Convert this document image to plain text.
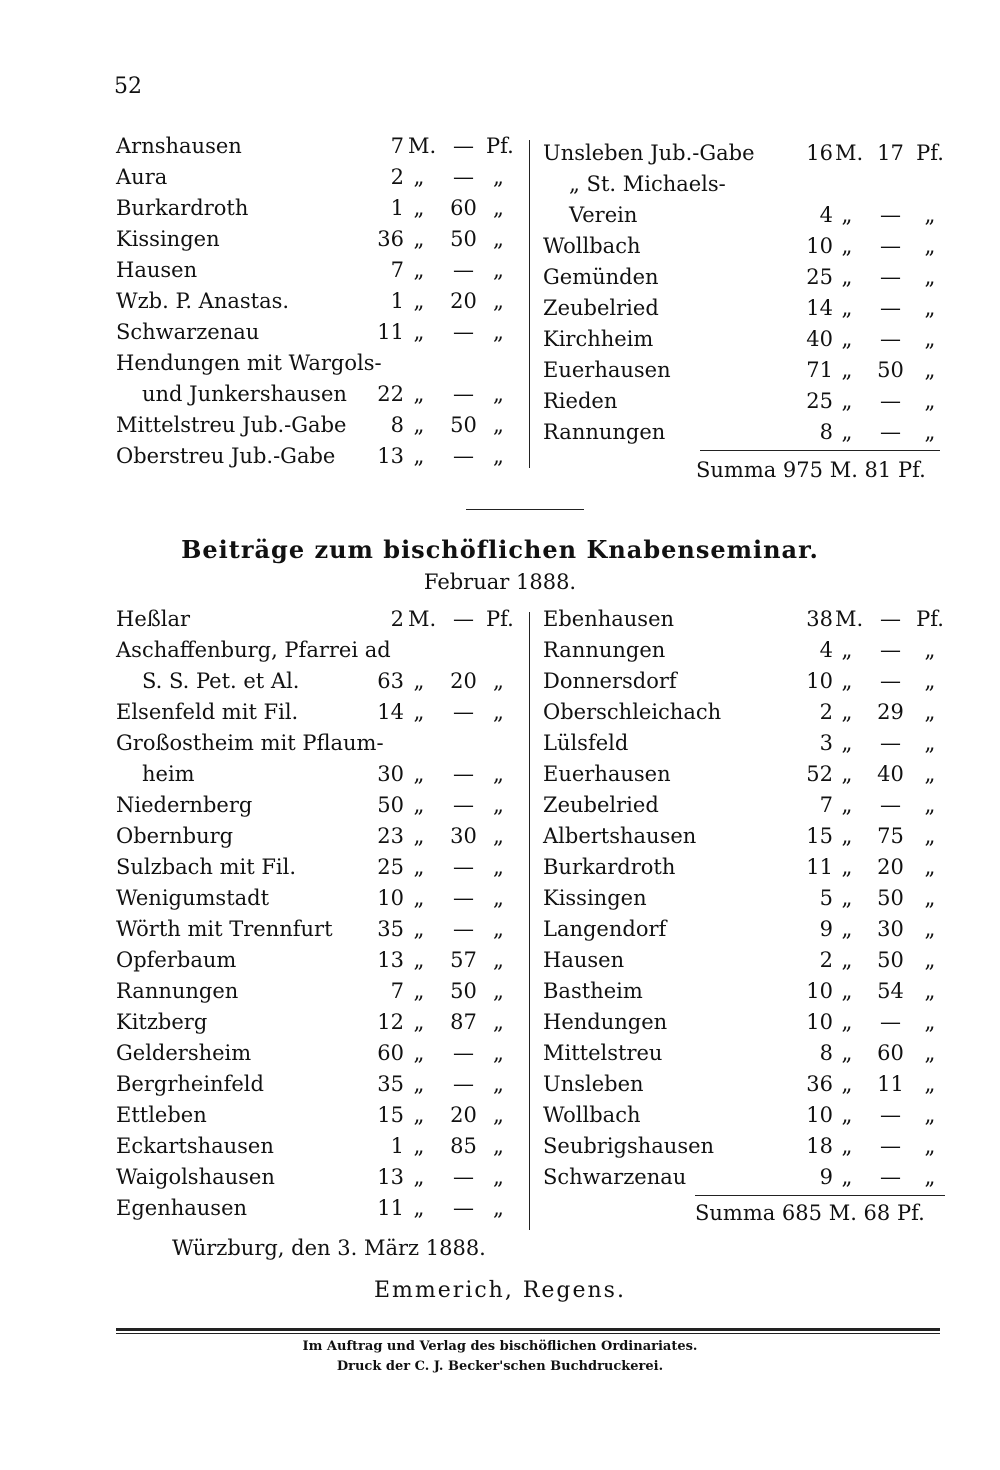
52
Arnshausen	7 M. — Pf.
Aura	2 „	— „
Burkardroth	1 „	60 „
Kissingen	36 „	50 „
Hausen	7 „	— „
Wzb. P. Anastas.	1 „	20 „
Schwarzenau	11 „	— „
Hendungen mit Wargols-
und Junkershausen	22 „	— „
Mittelstreu Jub.-Gabe	8 „	50 „
Oberstreu Jub.-Gabe	13 „	— „
Unsleben Jub.-Gabe	16 M. 17 Pf.
„ St. Michaels-
Verein	4 „	—	„
Wollbach	10 „	—	„
Gemünden	25 „	—	„
Zeubelried	14 „	—	„
Kirchheim	40 „	—	„
Euerhausen	71 „	50 „
Rieden	25 „	—	„
Rannungen	8 „	—	„
Summa 975 M. 81 Pf.
Beiträge zum bischöflichen Knabenseminar.
Februar 1888.
Heßlar	2 M. — Pf.
Aschaffenburg, Pfarrei ad
S. S. Pet. et Al.	63 „	20 „
Elsenfeld mit Fil.	14 „	— „
Großostheim mit Pflaum-
heim	30 „	— „
Niedernberg	50 „	— „
Obernburg	23 „	30 „
Sulzbach mit Fil.	25 „	— „
Wenigumstadt	10 „	— „
Wörth mit Trennfurt	35 „	— „
Opferbaum	13 „	57 „
Rannungen	7 „	50 „
Kitzberg	12 „	87 „
Geldersheim	60 „	— „
Bergrheinfeld	35 „	— „
Ettleben	15 „	20 „
Eckartshausen	1 „	85 „
Waigolshausen	13 „	— „
Egenhausen	11 „	— „
Ebenhausen	38 M. — Pf.
Rannungen	4 „	—	„
Donnersdorf	10 „	—	„
Oberschleichach	2 „	29 „
Lülsfeld	3 „	—	„
Euerhausen	52 „	40 „
Zeubelried	7 „	—	„
Albertshausen	15 „	75 „
Burkardroth	11 „	20 „
Kissingen	5 „	50 „
Langendorf	9 „	30 „
Hausen	2 „	50 „
Bastheim	10 „	54 „
Hendungen	10 „	—	„
Mittelstreu	8 „	60 „
Unsleben	36 „	11 „
Wollbach	10 „	—	„
Seubrigshausen	18 „	—	„
Schwarzenau	9 „	—	„
Summa 685 M. 68 Pf.
Würzburg, den 3. März 1888.
Emmerich, Regens.
Im Auftrag und Verlag des bischöflichen Ordinariates.
Druck der C. J. Becker'schen Buchdruckerei.
